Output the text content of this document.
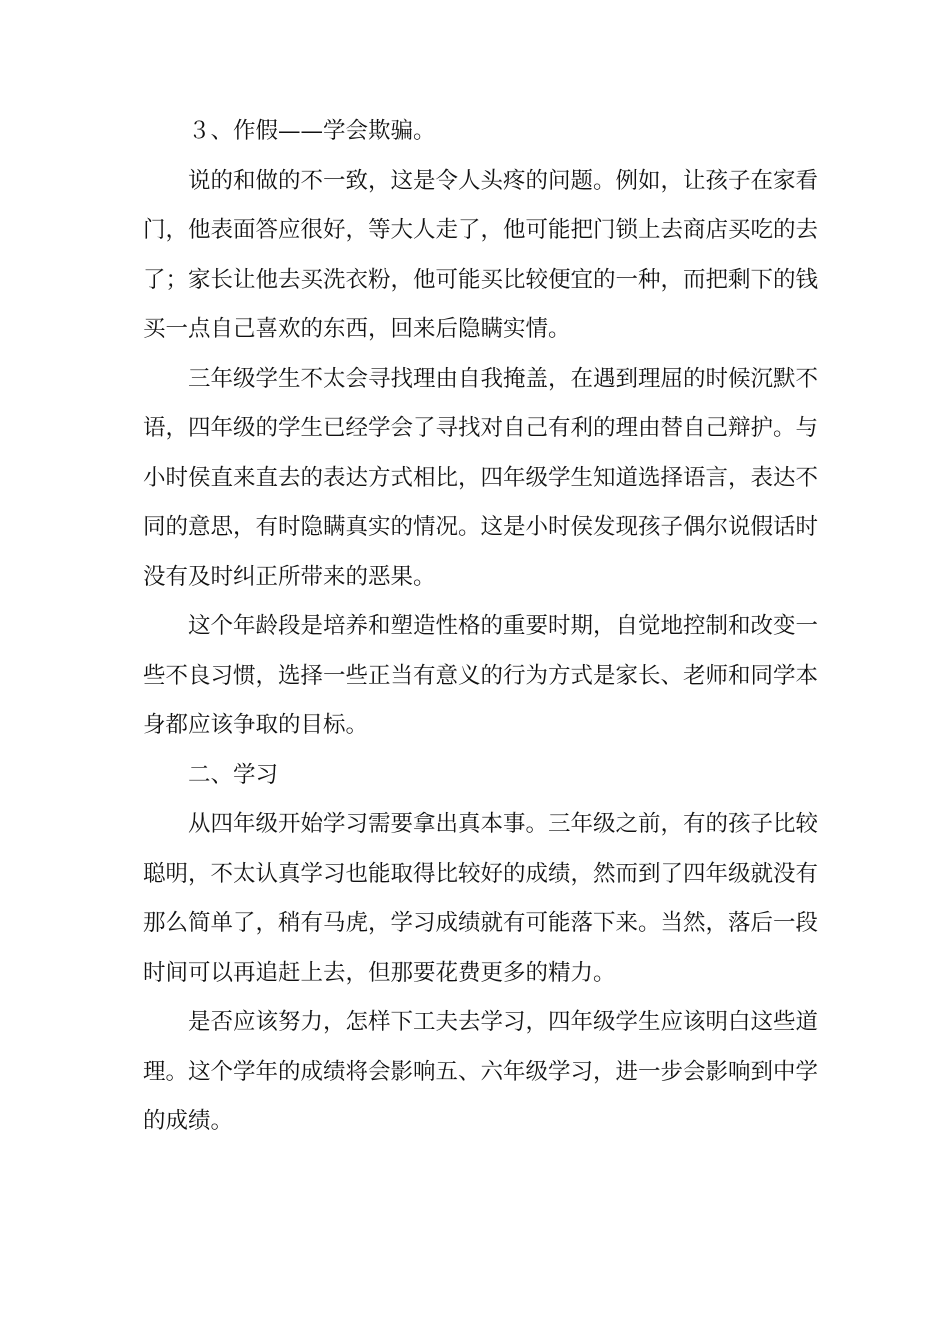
３、作假——学会欺骗。

说的和做的不一致，这是令人头疼的问题。例如，让孩子在家看
门，他表面答应很好，等大人走了，他可能把门锁上去商店买吃的去
了；家长让他去买洗衣粉，他可能买比较便宜的一种，而把剩下的钱
买一点自己喜欢的东西，回来后隐瞒实情。

三年级学生不太会寻找理由自我掩盖，在遇到理屈的时候沉默不
语，四年级的学生已经学会了寻找对自己有利的理由替自己辩护。与
小时侯直来直去的表达方式相比，四年级学生知道选择语言，表达不
同的意思，有时隐瞒真实的情况。这是小时侯发现孩子偶尔说假话时
没有及时纠正所带来的恶果。

这个年龄段是培养和塑造性格的重要时期，自觉地控制和改变一
些不良习惯，选择一些正当有意义的行为方式是家长、老师和同学本
身都应该争取的目标。

二、学习

从四年级开始学习需要拿出真本事。三年级之前，有的孩子比较
聪明，不太认真学习也能取得比较好的成绩，然而到了四年级就没有
那么简单了，稍有马虎，学习成绩就有可能落下来。当然，落后一段
时间可以再追赶上去，但那要花费更多的精力。

是否应该努力，怎样下工夫去学习，四年级学生应该明白这些道
理。这个学年的成绩将会影响五、六年级学习，进一步会影响到中学
的成绩。
